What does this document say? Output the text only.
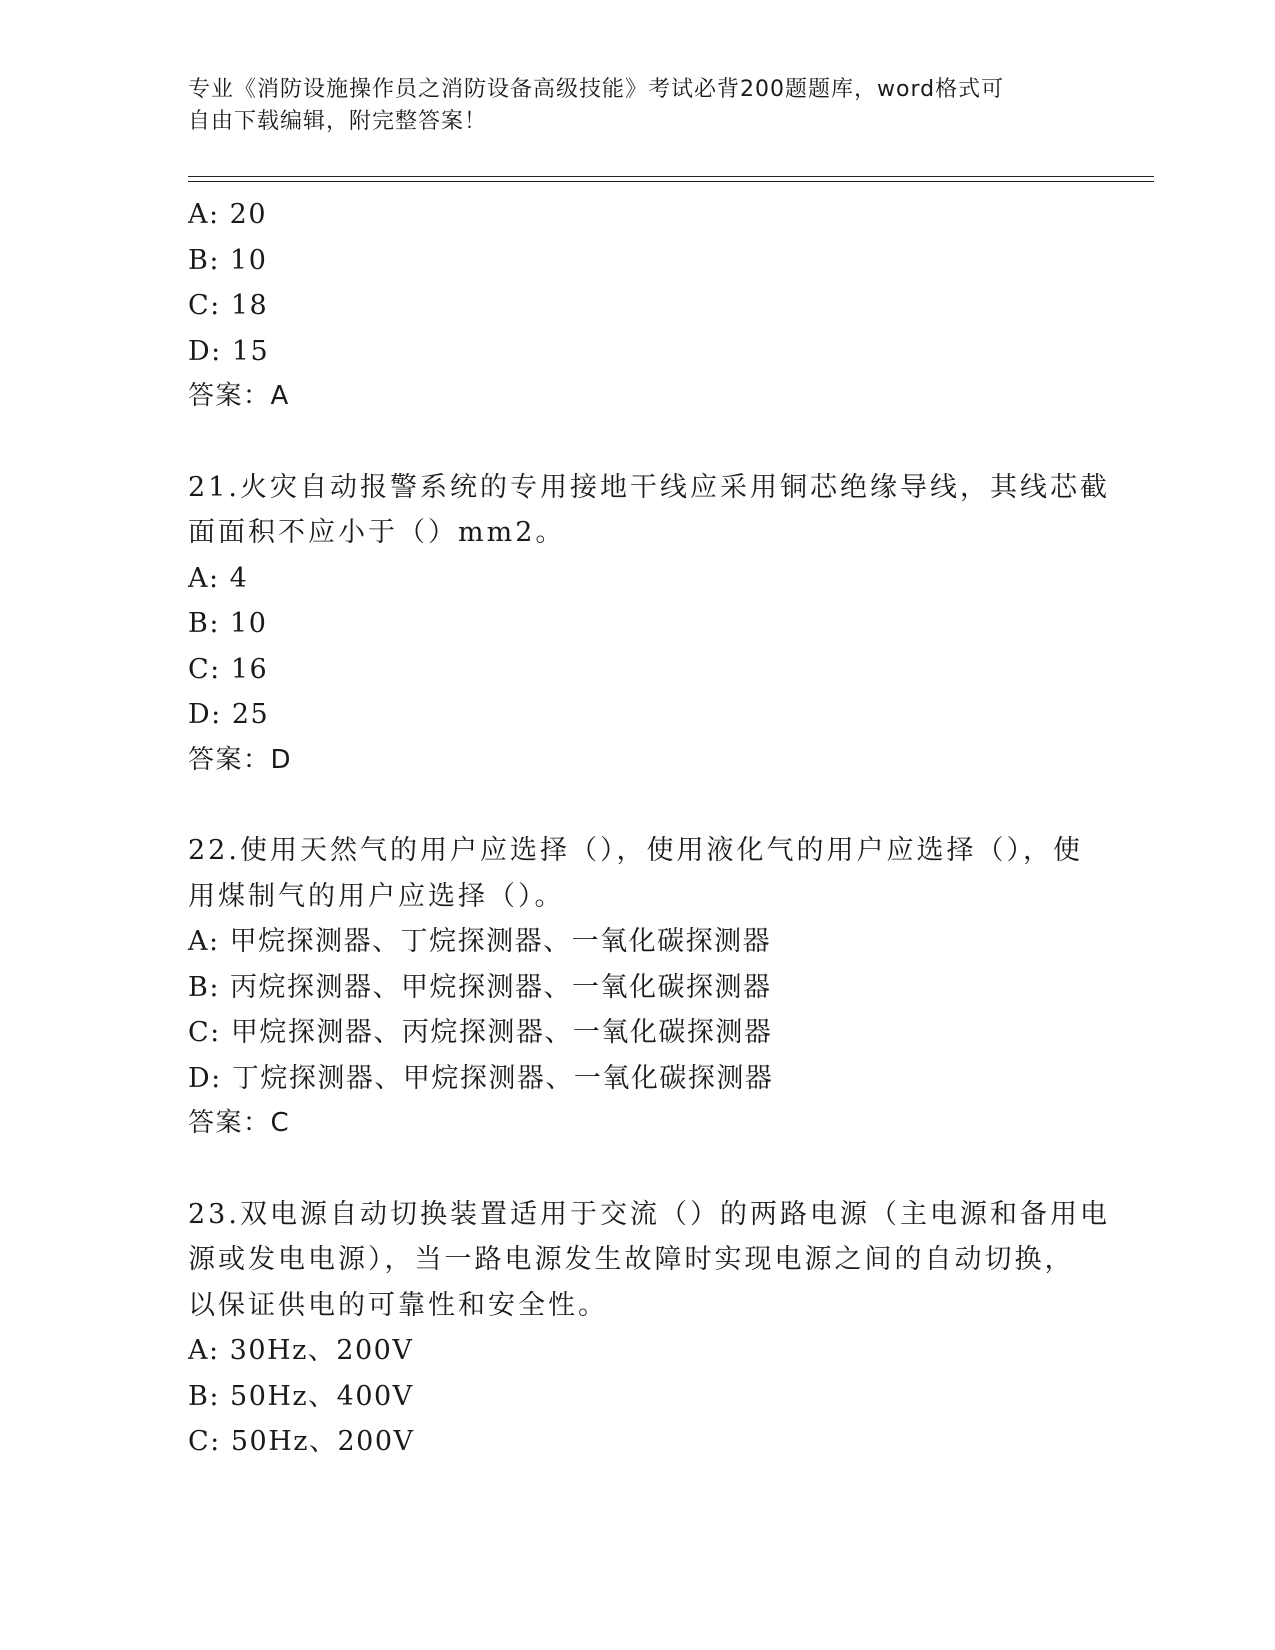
专业《消防设施操作员之消防设备高级技能》考试必背200题题库，word格式可
自由下载编辑，附完整答案！
A: 20
B: 10
C: 18
D: 15
答案：A
21.火灾自动报警系统的专用接地干线应采用铜芯绝缘导线，其线芯截
面面积不应小于（）mm2。
A: 4
B: 10
C: 16
D: 25
答案：D
22.使用天然气的用户应选择（），使用液化气的用户应选择（），使
用煤制气的用户应选择（）。
A: 甲烷探测器、丁烷探测器、一氧化碳探测器
B: 丙烷探测器、甲烷探测器、一氧化碳探测器
C: 甲烷探测器、丙烷探测器、一氧化碳探测器
D: 丁烷探测器、甲烷探测器、一氧化碳探测器
答案：C
23.双电源自动切换装置适用于交流（）的两路电源（主电源和备用电
源或发电电源），当一路电源发生故障时实现电源之间的自动切换，
以保证供电的可靠性和安全性。
A: 30Hz、200V
B: 50Hz、400V
C: 50Hz、200V
